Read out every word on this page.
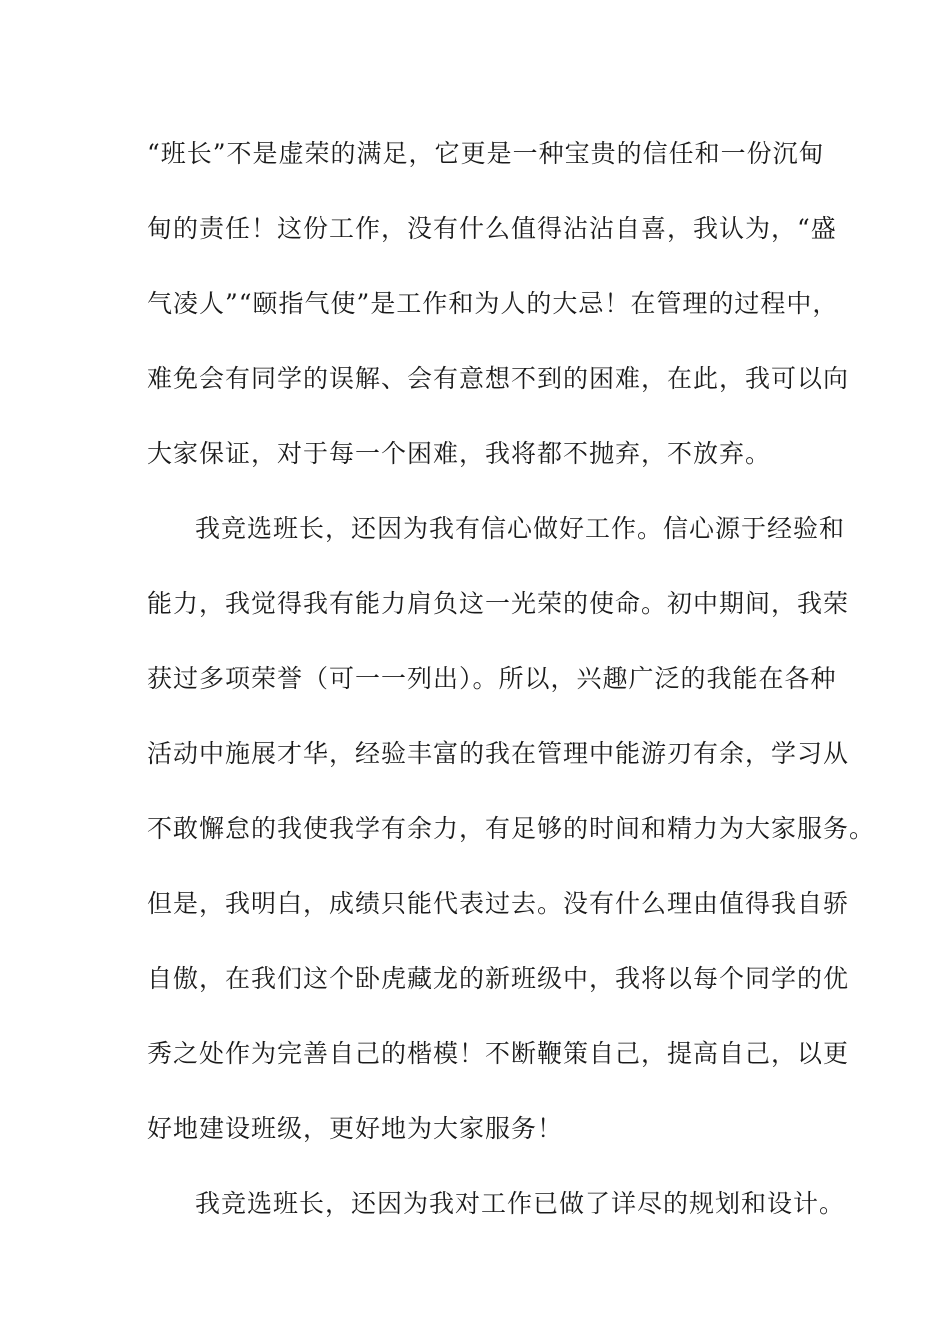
“班长”不是虚荣的满足，它更是一种宝贵的信任和一份沉甸
甸的责任！这份工作，没有什么值得沾沾自喜，我认为，“盛
气凌人”“颐指气使”是工作和为人的大忌！在管理的过程中，
难免会有同学的误解、会有意想不到的困难，在此，我可以向
大家保证，对于每一个困难，我将都不抛弃，不放弃。
我竞选班长，还因为我有信心做好工作。信心源于经验和
能力，我觉得我有能力肩负这一光荣的使命。初中期间，我荣
获过多项荣誉（可一一列出）。所以，兴趣广泛的我能在各种
活动中施展才华，经验丰富的我在管理中能游刃有余，学习从
不敢懈怠的我使我学有余力，有足够的时间和精力为大家服务。
但是，我明白，成绩只能代表过去。没有什么理由值得我自骄
自傲，在我们这个卧虎藏龙的新班级中，我将以每个同学的优
秀之处作为完善自己的楷模！不断鞭策自己，提高自己，以更
好地建设班级，更好地为大家服务！
我竞选班长，还因为我对工作已做了详尽的规划和设计。
